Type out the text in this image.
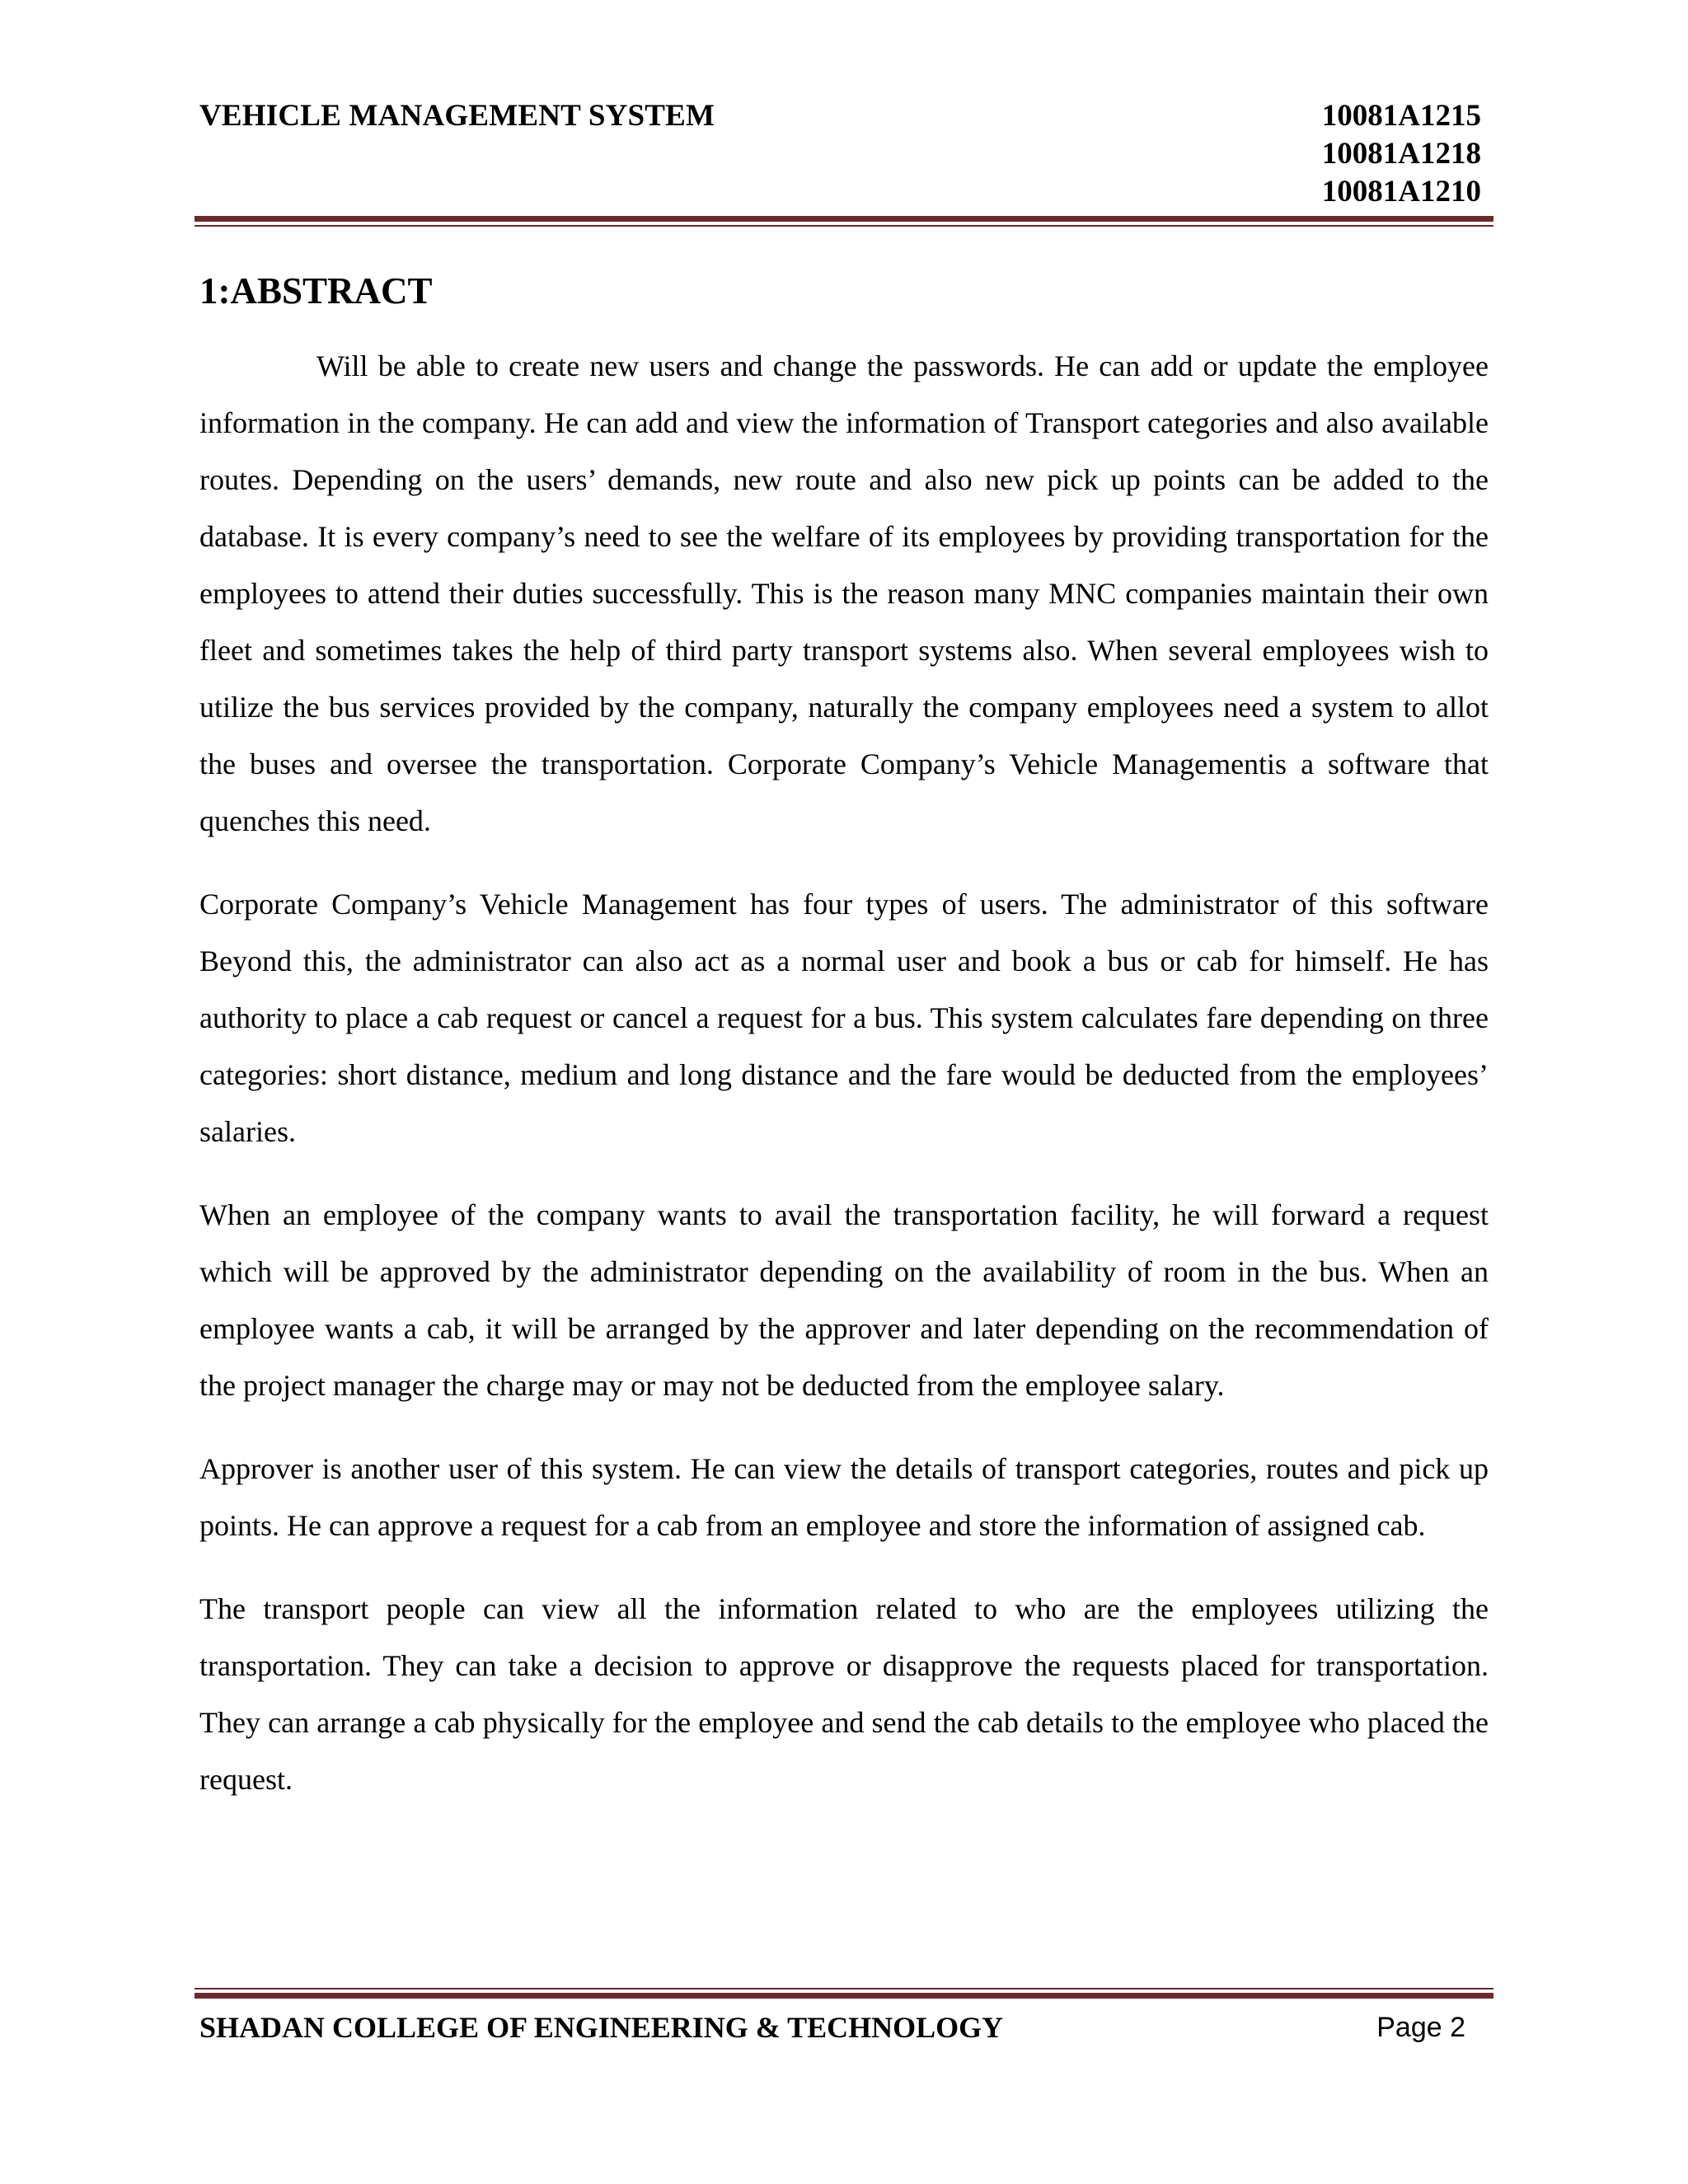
VEHICLE MANAGEMENT SYSTEM	10081A1215
10081A1218
10081A1210
1:ABSTRACT

Will be able to create new users and change the passwords. He can add or update the employee information in the company. He can add and view the information of Transport categories and also available routes. Depending on the users’ demands, new route and also new pick up points can be added to the database. It is every company’s need to see the welfare of its employees by providing transportation for the employees to attend their duties successfully. This is the reason many MNC companies maintain their own fleet and sometimes takes the help of third party transport systems also. When several employees wish to utilize the bus services provided by the company, naturally the company employees need a system to allot the buses and oversee the transportation. Corporate Company’s Vehicle Managementis a software that quenches this need.

Corporate Company’s Vehicle Management has four types of users. The administrator of this software Beyond this, the administrator can also act as a normal user and book a bus or cab for himself. He has authority to place a cab request or cancel a request for a bus. This system calculates fare depending on three categories: short distance, medium and long distance and the fare would be deducted from the employees’ salaries.

When an employee of the company wants to avail the transportation facility, he will forward a request which will be approved by the administrator depending on the availability of room in the bus. When an employee wants a cab, it will be arranged by the approver and later depending on the recommendation of the project manager the charge may or may not be deducted from the employee salary.

Approver is another user of this system. He can view the details of transport categories, routes and pick up points. He can approve a request for a cab from an employee and store the information of assigned cab.

The transport people can view all the information related to who are the employees utilizing the transportation. They can take a decision to approve or disapprove the requests placed for transportation. They can arrange a cab physically for the employee and send the cab details to the employee who placed the request.

SHADAN COLLEGE OF ENGINEERING & TECHNOLOGY	Page 2
